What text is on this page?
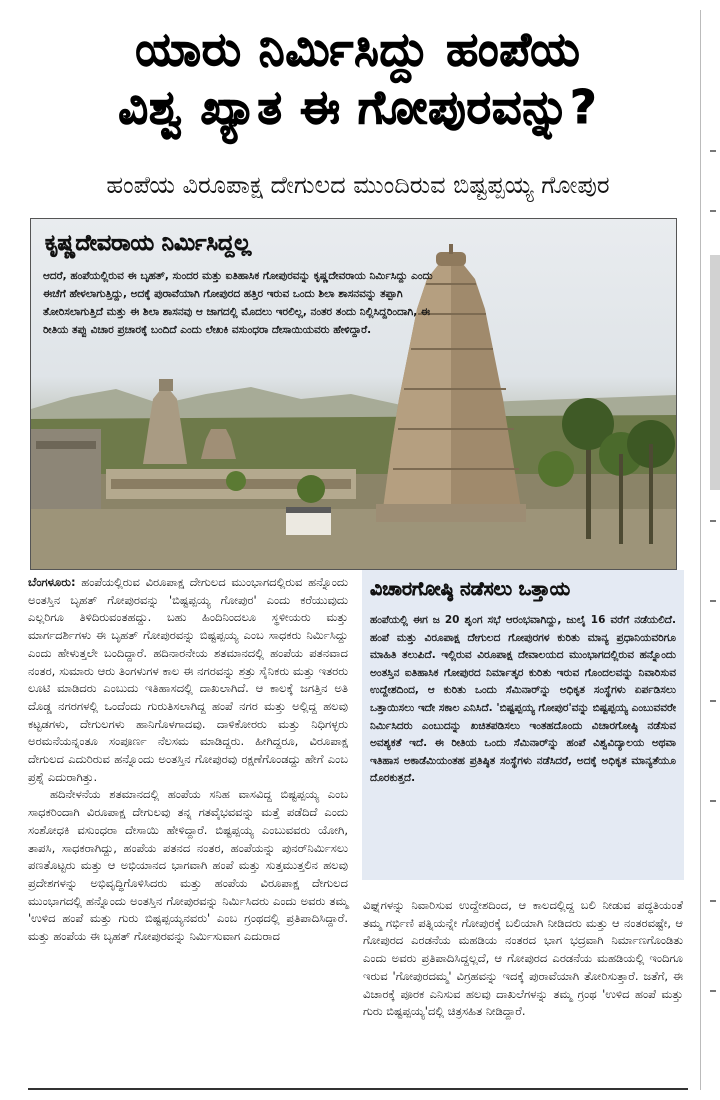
ಯಾರು ನಿರ್ಮಿಸಿದ್ದು ಹಂಪೆಯ
ವಿಶ್ವ ಖ್ಯಾತ ಈ ಗೋಪುರವನ್ನು?
ಹಂಪೆಯ ವಿರೂಪಾಕ್ಷ ದೇಗುಲದ ಮುಂದಿರುವ ಬಿಷ್ಟಪ್ಪಯ್ಯ ಗೋಪುರ
ಕೃಷ್ಣದೇವರಾಯ ನಿರ್ಮಿಸಿದ್ದಲ್ಲ
ಆದರೆ, ಹಂಪೆಯಲ್ಲಿರುವ ಈ ಬೃಹತ್, ಸುಂದರ ಮತ್ತು ಐತಿಹಾಸಿಕ ಗೋಪುರವನ್ನು ಕೃಷ್ಣದೇವರಾಯ ನಿರ್ಮಿಸಿದ್ದು ಎಂದು ಈಚೆಗೆ ಹೇಳಲಾಗುತ್ತಿದ್ದು, ಅದಕ್ಕೆ ಪುರಾವೆಯಾಗಿ ಗೋಪುರದ ಹತ್ತಿರ ಇರುವ ಒಂದು ಶಿಲಾ ಶಾಸನವನ್ನು ತಪ್ಪಾಗಿ ತೋರಿಸಲಾಗುತ್ತಿದೆ ಮತ್ತು ಈ ಶಿಲಾ ಶಾಸನವು ಆ ಜಾಗದಲ್ಲಿ ಮೊದಲು ಇರಲಿಲ್ಲ, ನಂತರ ತಂದು ನಿಲ್ಲಿಸಿದ್ದರಿಂದಾಗಿ, ಈ ರೀತಿಯ ತಪ್ಪು ವಿಚಾರ ಪ್ರಚಾರಕ್ಕೆ ಬಂದಿದೆ ಎಂದು ಲೇಖಕಿ ವಸುಂಧರಾ ದೇಸಾಯಿಯವರು ಹೇಳಿದ್ದಾರೆ.

ಬೆಂಗಳೂರು: ಹಂಪೆಯಲ್ಲಿರುವ ವಿರೂಪಾಕ್ಷ ದೇಗುಲದ ಮುಂಭಾಗದಲ್ಲಿರುವ ಹನ್ನೊಂದು ಅಂತಸ್ತಿನ ಬೃಹತ್ ಗೋಪುರವನ್ನು 'ಬಿಷ್ಟಪ್ಪಯ್ಯ ಗೋಪುರ' ಎಂದು ಕರೆಯುವುದು ಎಲ್ಲರಿಗೂ ತಿಳಿದಿರುವಂತಹದ್ದು. ಬಹು ಹಿಂದಿನಿಂದಲೂ ಸ್ಥಳೀಯರು ಮತ್ತು ಮಾರ್ಗದರ್ಶಿಗಳು ಈ ಬೃಹತ್ ಗೋಪುರವನ್ನು ಬಿಷ್ಟಪ್ಪಯ್ಯ ಎಂಬ ಸಾಧಕರು ನಿರ್ಮಿಸಿದ್ದು ಎಂದು ಹೇಳುತ್ತಲೇ ಬಂದಿದ್ದಾರೆ. ಹದಿನಾರನೇಯ ಶತಮಾನದಲ್ಲಿ ಹಂಪೆಯ ಪತನವಾದ ನಂತರ, ಸುಮಾರು ಆರು ತಿಂಗಳುಗಳ ಕಾಲ ಈ ನಗರವನ್ನು ಶತ್ರು ಸೈನಿಕರು ಮತ್ತು ಇತರರು ಲೂಟಿ ಮಾಡಿದರು ಎಂಬುದು ಇತಿಹಾಸದಲ್ಲಿ ದಾಖಲಾಗಿದೆ. ಆ ಕಾಲಕ್ಕೆ ಜಗತ್ತಿನ ಅತಿ ದೊಡ್ಡ ನಗರಗಳಲ್ಲಿ ಒಂದೆಂದು ಗುರುತಿಸಲಾಗಿದ್ದ ಹಂಪೆ ನಗರ ಮತ್ತು ಅಲ್ಲಿದ್ದ ಹಲವು ಕಟ್ಟಡಗಳು, ದೇಗುಲಗಳು ಹಾನಿಗೊಳಗಾದವು. ದಾಳಿಕೋರರು ಮತ್ತು ನಿಧಿಗಳ್ಳರು ಅರಮನೆಯನ್ನಂತೂ ಸಂಪೂರ್ಣ ನೆಲಸಮ ಮಾಡಿದ್ದರು. ಹೀಗಿದ್ದರೂ, ವಿರೂಪಾಕ್ಷ ದೇಗುಲದ ಎದುರಿರುವ ಹನ್ನೊಂದು ಅಂತಸ್ತಿನ ಗೋಪುರವು ರಕ್ಷಣೆಗೊಂಡದ್ದು ಹೇಗೆ ಎಂಬ ಪ್ರಶ್ನೆ ಎದುರಾಗಿತ್ತು.

ಹದಿನೇಳನೆಯ ಶತಮಾನದಲ್ಲಿ ಹಂಪೆಯ ಸನಿಹ ವಾಸವಿದ್ದ ಬಿಷ್ಟಪ್ಪಯ್ಯ ಎಂಬ ಸಾಧಕರಿಂದಾಗಿ ವಿರೂಪಾಕ್ಷ ದೇಗುಲವು ತನ್ನ ಗತವೈಭವವನ್ನು ಮತ್ತೆ ಪಡೆದಿದೆ ಎಂದು ಸಂಶೋಧಕಿ ವಸುಂಧರಾ ದೇಸಾಯಿ ಹೇಳಿದ್ದಾರೆ. ಬಿಷ್ಟಪ್ಪಯ್ಯ ಎಂಬುವವರು ಯೋಗಿ, ತಾಪಸಿ, ಸಾಧಕರಾಗಿದ್ದು, ಹಂಪೆಯ ಪತನದ ನಂತರ, ಹಂಪೆಯನ್ನು ಪುನರ್‌ನಿರ್ಮಿಸಲು ಪಣತೊಟ್ಟರು ಮತ್ತು ಆ ಅಭಿಯಾನದ ಭಾಗವಾಗಿ ಹಂಪೆ ಮತ್ತು ಸುತ್ತಮುತ್ತಲಿನ ಹಲವು ಪ್ರದೇಶಗಳನ್ನು ಅಭಿವೃದ್ಧಿಗೊಳಿಸಿದರು ಮತ್ತು ಹಂಪೆಯ ವಿರೂಪಾಕ್ಷ ದೇಗುಲದ ಮುಂಭಾಗದಲ್ಲಿ ಹನ್ನೊಂದು ಅಂತಸ್ತಿನ ಗೋಪುರವನ್ನು ನಿರ್ಮಿಸಿದರು ಎಂದು ಅವರು ತಮ್ಮ 'ಉಳಿದ ಹಂಪೆ ಮತ್ತು ಗುರು ಬಿಷ್ಟಪ್ಪಯ್ಯನವರು' ಎಂಬ ಗ್ರಂಥದಲ್ಲಿ ಪ್ರತಿಪಾದಿಸಿದ್ದಾರೆ. ಮತ್ತು ಹಂಪೆಯ ಈ ಬೃಹತ್ ಗೋಪುರವನ್ನು ನಿರ್ಮಿಸುವಾಗ ಎದುರಾದ

ವಿಚಾರಗೋಷ್ಠಿ ನಡೆಸಲು ಒತ್ತಾಯ
ಹಂಪೆಯಲ್ಲಿ ಈಗ ಜ 20 ಶೃಂಗ ಸಭೆ ಆರಂಭವಾಗಿದ್ದು, ಜುಲೈ 16 ವರೆಗೆ ನಡೆಯಲಿದೆ. ಹಂಪೆ ಮತ್ತು ವಿರೂಪಾಕ್ಷ ದೇಗುಲದ ಗೋಪುರಗಳ ಕುರಿತು ಮಾನ್ಯ ಪ್ರಧಾನಿಯವರಿಗೂ ಮಾಹಿತಿ ತಲುಪಿದೆ. ಇಲ್ಲಿರುವ ವಿರೂಪಾಕ್ಷ ದೇವಾಲಯದ ಮುಂಭಾಗದಲ್ಲಿರುವ ಹನ್ನೊಂದು ಅಂತಸ್ತಿನ ಐತಿಹಾಸಿಕ ಗೋಪುರದ ನಿರ್ಮಾತೃರ ಕುರಿತು ಇರುವ ಗೊಂದಲವನ್ನು ನಿವಾರಿಸುವ ಉದ್ದೇಶದಿಂದ, ಆ ಕುರಿತು ಒಂದು ಸೆಮಿನಾರ್‌ನ್ನು ಅಧಿಕೃತ ಸಂಸ್ಥೆಗಳು ಏರ್ಪಡಿಸಲು ಒತ್ತಾಯಿಸಲು ಇದೇ ಸಕಾಲ ಎನಿಸಿದೆ. 'ಬಿಷ್ಟಪ್ಪಯ್ಯ ಗೋಪುರ'ವನ್ನು ಬಿಷ್ಟಪ್ಪಯ್ಯ ಎಂಬುವವರೇ ನಿರ್ಮಿಸಿದರು ಎಂಬುದನ್ನು ಖಚಿತಪಡಿಸಲು ಇಂತಹದೊಂದು ವಿಚಾರಗೋಷ್ಠಿ ನಡೆಸುವ ಅವಶ್ಯಕತೆ ಇದೆ. ಈ ರೀತಿಯ ಒಂದು ಸೆಮಿನಾರ್‌ನ್ನು ಹಂಪೆ ವಿಶ್ವವಿದ್ಯಾಲಯ ಅಥವಾ ಇತಿಹಾಸ ಅಕಾಡೆಮಿಯಂತಹ ಪ್ರತಿಷ್ಠಿತ ಸಂಸ್ಥೆಗಳು ನಡೆಸಿದರೆ, ಅದಕ್ಕೆ ಅಧಿಕೃತ ಮಾನ್ಯತೆಯೂ ದೊರಕುತ್ತದೆ.

ವಿಘ್ನಗಳನ್ನು ನಿವಾರಿಸುವ ಉದ್ದೇಶದಿಂದ, ಆ ಕಾಲದಲ್ಲಿದ್ದ ಬಲಿ ನೀಡುವ ಪದ್ಧತಿಯಂತೆ ತಮ್ಮ ಗರ್ಭಿಣಿ ಪತ್ನಿಯನ್ನೇ ಗೋಪುರಕ್ಕೆ ಬಲಿಯಾಗಿ ನೀಡಿದರು ಮತ್ತು ಆ ನಂತರವಷ್ಟೇ, ಆ ಗೋಪುರದ ಎರಡನೆಯ ಮಹಡಿಯ ನಂತರದ ಭಾಗ ಭದ್ರವಾಗಿ ನಿರ್ಮಾಣಗೊಂಡಿತು ಎಂದು ಅವರು ಪ್ರತಿಪಾದಿಸಿದ್ದಲ್ಲದೆ, ಆ ಗೋಪುರದ ಎರಡನೆಯ ಮಹಡಿಯಲ್ಲಿ ಇಂದಿಗೂ ಇರುವ 'ಗೋಪುರದಮ್ಮ' ವಿಗ್ರಹವನ್ನು ಇದಕ್ಕೆ ಪುರಾವೆಯಾಗಿ ತೋರಿಸುತ್ತಾರೆ. ಜತೆಗೆ, ಈ ವಿಚಾರಕ್ಕೆ ಪೂರಕ ಎನಿಸುವ ಹಲವು ದಾಖಲೆಗಳನ್ನು ತಮ್ಮ ಗ್ರಂಥ 'ಉಳಿದ ಹಂಪೆ ಮತ್ತು ಗುರು ಬಿಷ್ಟಪ್ಪಯ್ಯ'ದಲ್ಲಿ ಚಿತ್ರಸಹಿತ ನೀಡಿದ್ದಾರೆ.
